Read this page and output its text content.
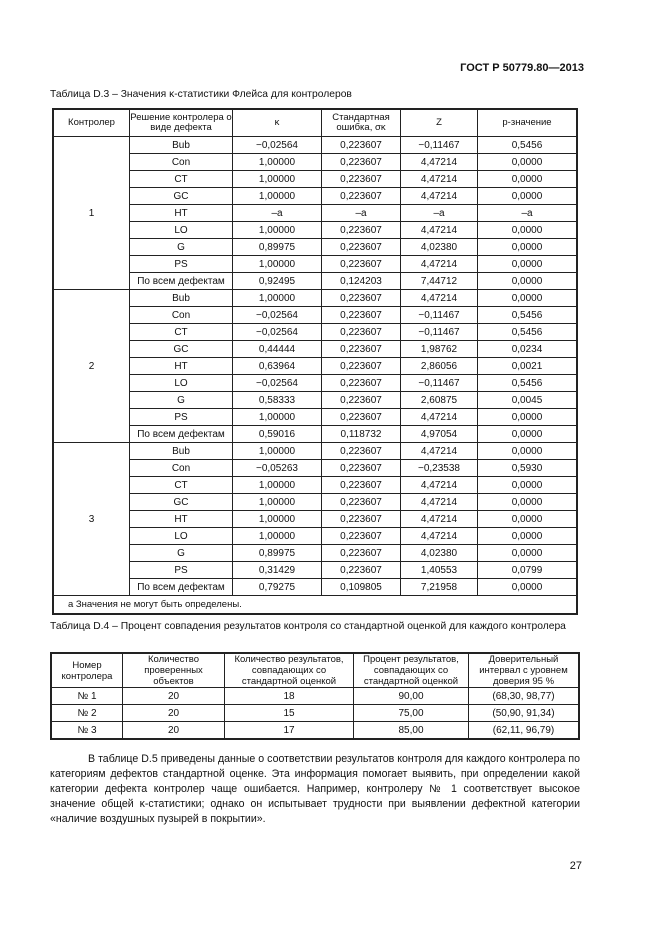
ГОСТ Р 50779.80—2013
Таблица D.3 – Значения κ-статистики Флейса для контролеров
Контролер	Решение контролера о виде дефекта	κ	Стандартная ошибка, σκ	Z	p-значение
1	Bub	−0,02564	0,223607	−0,11467	0,5456
	Con	1,00000	0,223607	4,47214	0,0000
	CT	1,00000	0,223607	4,47214	0,0000
	GC	1,00000	0,223607	4,47214	0,0000
	HT	–a	–a	–a	–a
	LO	1,00000	0,223607	4,47214	0,0000
	G	0,89975	0,223607	4,02380	0,0000
	PS	1,00000	0,223607	4,47214	0,0000
	По всем дефектам	0,92495	0,124203	7,44712	0,0000
2	Bub	1,00000	0,223607	4,47214	0,0000
	Con	−0,02564	0,223607	−0,11467	0,5456
	CT	−0,02564	0,223607	−0,11467	0,5456
	GC	0,44444	0,223607	1,98762	0,0234
	HT	0,63964	0,223607	2,86056	0,0021
	LO	−0,02564	0,223607	−0,11467	0,5456
	G	0,58333	0,223607	2,60875	0,0045
	PS	1,00000	0,223607	4,47214	0,0000
	По всем дефектам	0,59016	0,118732	4,97054	0,0000
3	Bub	1,00000	0,223607	4,47214	0,0000
	Con	−0,05263	0,223607	−0,23538	0,5930
	CT	1,00000	0,223607	4,47214	0,0000
	GC	1,00000	0,223607	4,47214	0,0000
	HT	1,00000	0,223607	4,47214	0,0000
	LO	1,00000	0,223607	4,47214	0,0000
	G	0,89975	0,223607	4,02380	0,0000
	PS	0,31429	0,223607	1,40553	0,0799
	По всем дефектам	0,79275	0,109805	7,21958	0,0000
a Значения не могут быть определены.					
Таблица D.4 – Процент совпадения результатов контроля со стандартной оценкой для каждого контролера
Номер контролера	Количество проверенных объектов	Количество результатов, совпадающих со стандартной оценкой	Процент результатов, совпадающих со стандартной оценкой	Доверительный интервал с уровнем доверия 95 %
№ 1	20	18	90,00	(68,30, 98,77)
№ 2	20	15	75,00	(50,90, 91,34)
№ 3	20	17	85,00	(62,11, 96,79)
В таблице D.5 приведены данные о соответствии результатов контроля для каждого контролера по категориям дефектов стандартной оценке. Эта информация помогает выявить, при определении какой категории дефекта контролер чаще ошибается. Например, контролеру № 1 соответствует высокое значение общей κ-статистики; однако он испытывает трудности при выявлении дефектной категории «наличие воздушных пузырей в покрытии».
27
